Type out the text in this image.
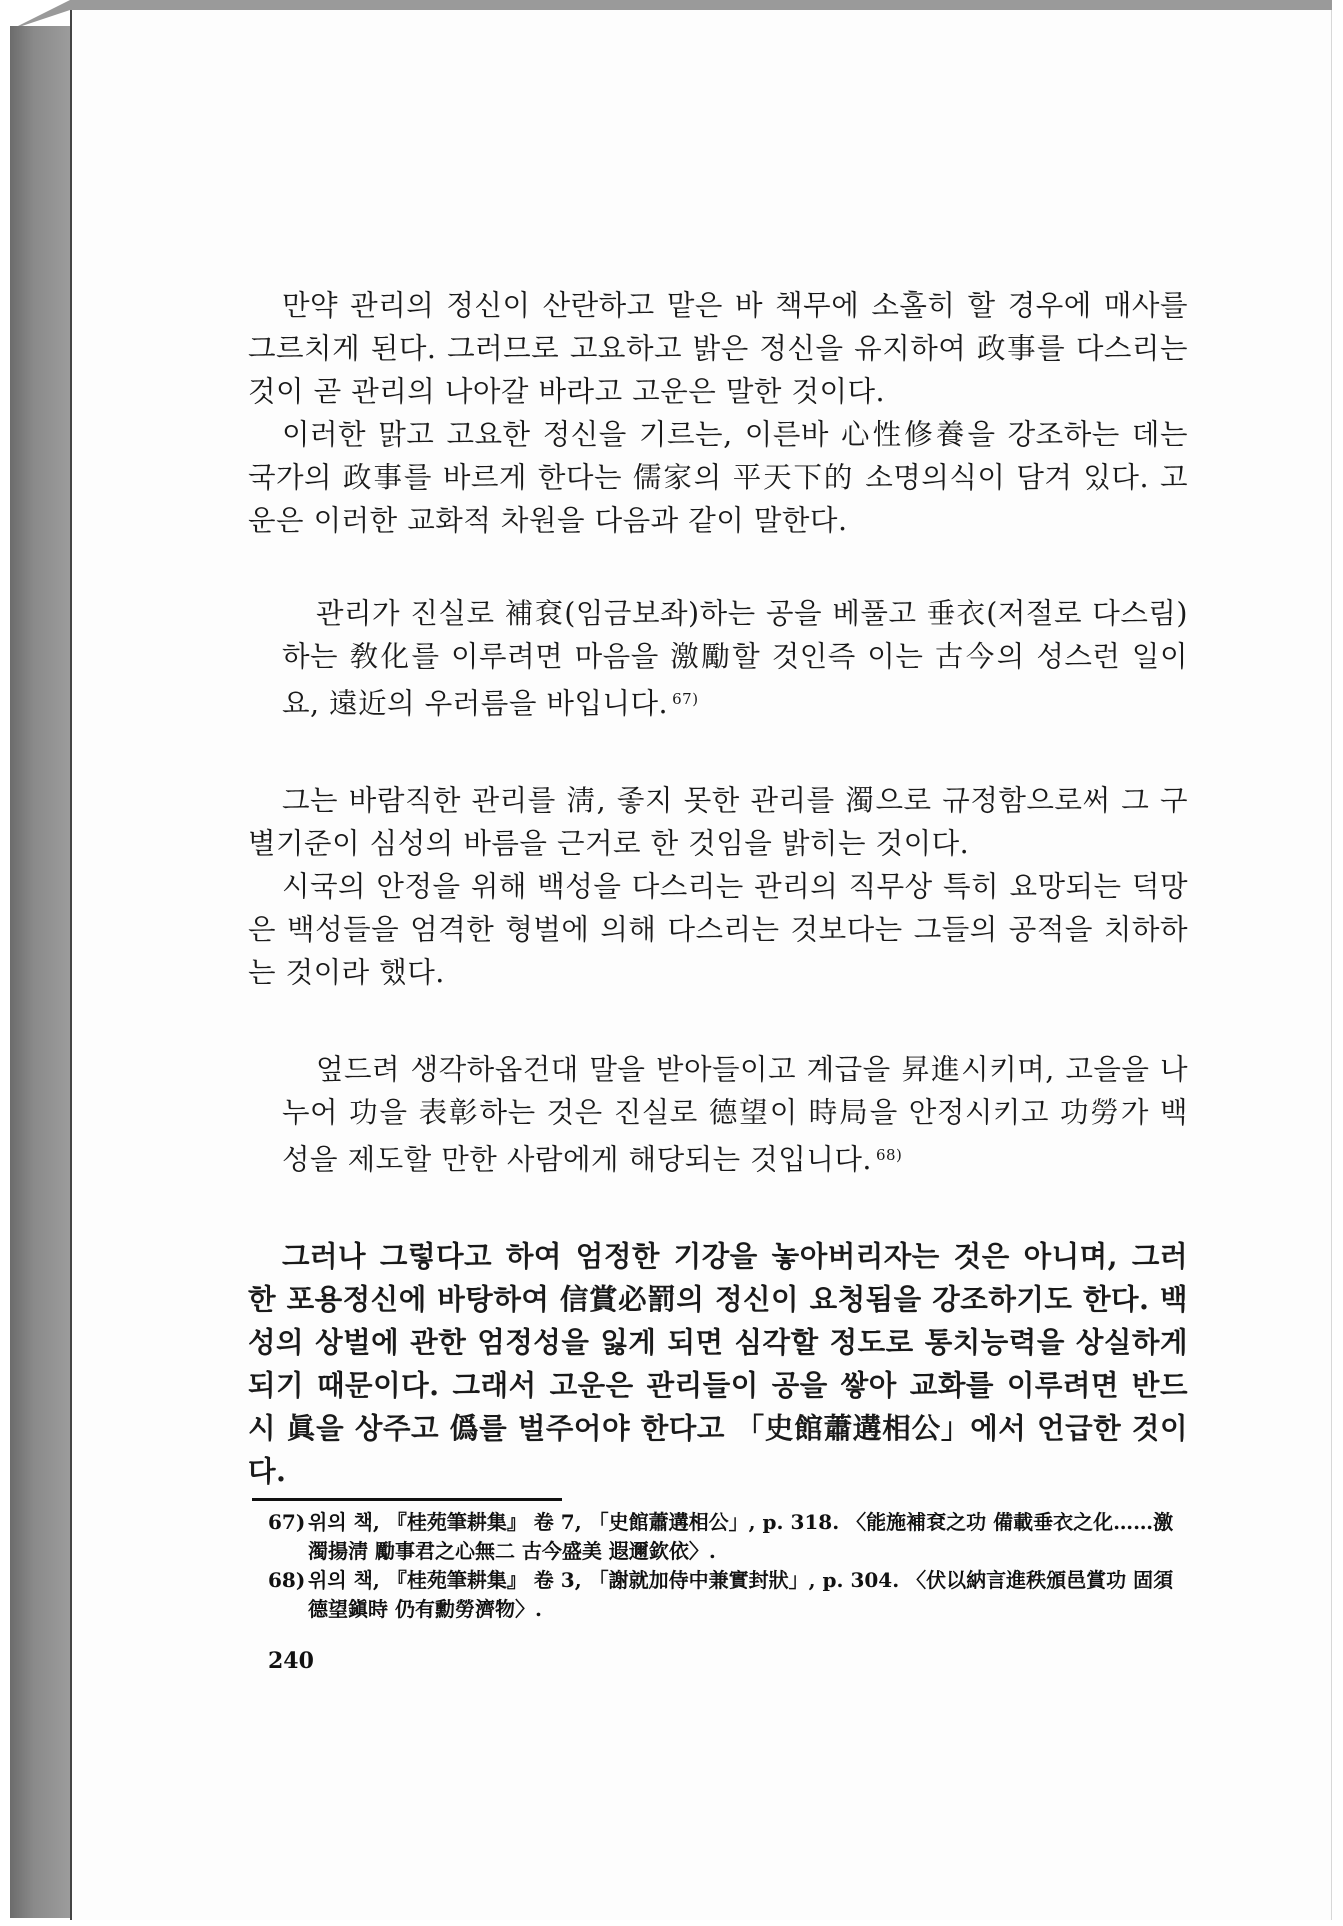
만약 관리의 정신이 산란하고 맡은 바 책무에 소홀히 할 경우에 매사를 그르치게 된다. 그러므로 고요하고 밝은 정신을 유지하여 政事를 다스리는 것이 곧 관리의 나아갈 바라고 고운은 말한 것이다.

이러한 맑고 고요한 정신을 기르는, 이른바 心性修養을 강조하는 데는 국가의 政事를 바르게 한다는 儒家의 平天下的 소명의식이 담겨 있다. 고운은 이러한 교화적 차원을 다음과 같이 말한다.

관리가 진실로 補袞(임금보좌)하는 공을 베풀고 垂衣(저절로 다스림)하는 敎化를 이루려면 마음을 激勵할 것인즉 이는 古今의 성스런 일이요, 遠近의 우러름을 바입니다. $^{67)}$

그는 바람직한 관리를 淸, 좋지 못한 관리를 濁으로 규정함으로써 그 구별기준이 심성의 바름을 근거로 한 것임을 밝히는 것이다.

시국의 안정을 위해 백성을 다스리는 관리의 직무상 특히 요망되는 덕망은 백성들을 엄격한 형벌에 의해 다스리는 것보다는 그들의 공적을 치하하는 것이라 했다.

엎드려 생각하옵건대 말을 받아들이고 계급을 昇進시키며, 고을을 나누어 功을 表彰하는 것은 진실로 德望이 時局을 안정시키고 功勞가 백성을 제도할 만한 사람에게 해당되는 것입니다. $^{68)}$

그러나 그렇다고 하여 엄정한 기강을 놓아버리자는 것은 아니며, 그러한 포용정신에 바탕하여 信賞必罰의 정신이 요청됨을 강조하기도 한다. 백성의 상벌에 관한 엄정성을 잃게 되면 심각할 정도로 통치능력을 상실하게 되기 때문이다. 그래서 고운은 관리들이 공을 쌓아 교화를 이루려면 반드시 眞을 상주고 僞를 벌주어야 한다고 「史館蕭遘相公」에서 언급한 것이다.

67) 위의 책, 『桂苑筆耕集』 卷 7, 「史館蕭遘相公」, p. 318. 〈能施補袞之功 備載垂衣之化……激濁揚淸 勵事君之心無二 古今盛美 遐邇欽依〉.
68) 위의 책, 『桂苑筆耕集』 卷 3, 「謝就加侍中兼實封狀」, p. 304. 〈伏以納言進秩頒邑賞功 固須德望鎭時 仍有勳勞濟物〉.
240
